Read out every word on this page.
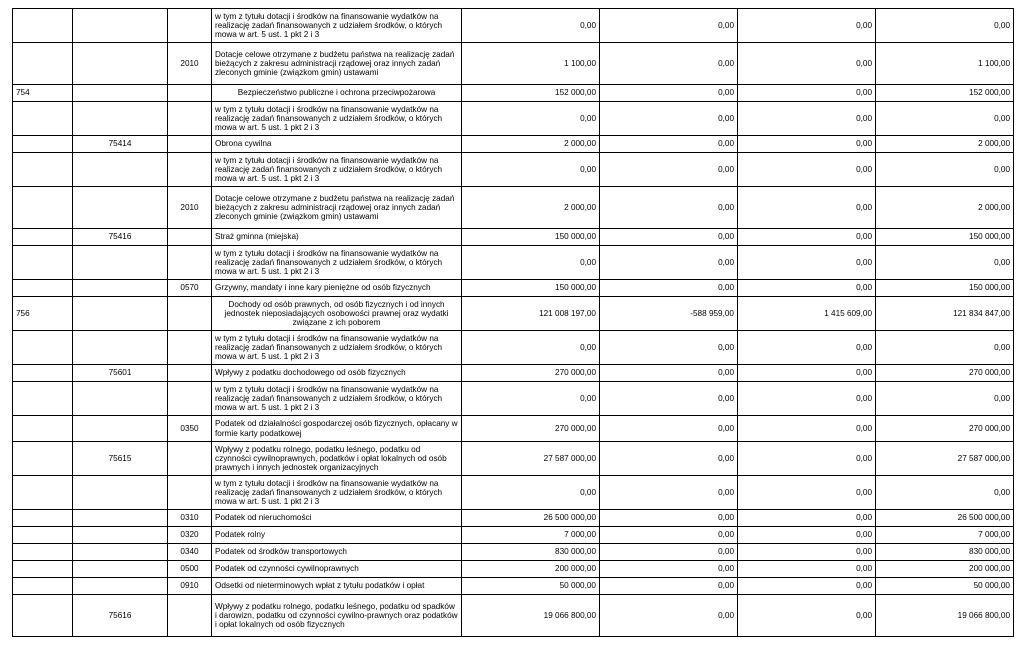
			w tym z tytułu dotacji i środków na finansowanie wydatków na realizację zadań finansowanych z udziałem środków, o których mowa w art. 5 ust. 1 pkt 2 i 3	0,00	0,00	0,00	0,00
		2010	Dotacje celowe otrzymane z budżetu państwa na realizację zadań bieżących z zakresu administracji rządowej oraz innych zadań zleconych gminie (związkom gmin) ustawami	1 100,00	0,00	0,00	1 100,00
754			Bezpieczeństwo publiczne i ochrona przeciwpożarowa	152 000,00	0,00	0,00	152 000,00
			w tym z tytułu dotacji i środków na finansowanie wydatków na realizację zadań finansowanych z udziałem środków, o których mowa w art. 5 ust. 1 pkt 2 i 3	0,00	0,00	0,00	0,00
	75414		Obrona cywilna	2 000,00	0,00	0,00	2 000,00
			w tym z tytułu dotacji i środków na finansowanie wydatków na realizację zadań finansowanych z udziałem środków, o których mowa w art. 5 ust. 1 pkt 2 i 3	0,00	0,00	0,00	0,00
		2010	Dotacje celowe otrzymane z budżetu państwa na realizację zadań bieżących z zakresu administracji rządowej oraz innych zadań zleconych gminie (związkom gmin) ustawami	2 000,00	0,00	0,00	2 000,00
	75416		Straż gminna (miejska)	150 000,00	0,00	0,00	150 000,00
			w tym z tytułu dotacji i środków na finansowanie wydatków na realizację zadań finansowanych z udziałem środków, o których mowa w art. 5 ust. 1 pkt 2 i 3	0,00	0,00	0,00	0,00
		0570	Grzywny, mandaty i inne kary pieniężne od osób fizycznych	150 000,00	0,00	0,00	150 000,00
756			Dochody od osób prawnych, od osób fizycznych i od innych jednostek nieposiadających osobowości prawnej oraz wydatki związane z ich poborem	121 008 197,00	-588 959,00	1 415 609,00	121 834 847,00
			w tym z tytułu dotacji i środków na finansowanie wydatków na realizację zadań finansowanych z udziałem środków, o których mowa w art. 5 ust. 1 pkt 2 i 3	0,00	0,00	0,00	0,00
	75601		Wpływy z podatku dochodowego od osób fizycznych	270 000,00	0,00	0,00	270 000,00
			w tym z tytułu dotacji i środków na finansowanie wydatków na realizację zadań finansowanych z udziałem środków, o których mowa w art. 5 ust. 1 pkt 2 i 3	0,00	0,00	0,00	0,00
		0350	Podatek od działalności gospodarczej osób fizycznych, opłacany w formie karty podatkowej	270 000,00	0,00	0,00	270 000,00
	75615		Wpływy z podatku rolnego, podatku leśnego, podatku od czynności cywilnoprawnych, podatków i opłat lokalnych od osób prawnych i innych jednostek organizacyjnych	27 587 000,00	0,00	0,00	27 587 000,00
			w tym z tytułu dotacji i środków na finansowanie wydatków na realizację zadań finansowanych z udziałem środków, o których mowa w art. 5 ust. 1 pkt 2 i 3	0,00	0,00	0,00	0,00
		0310	Podatek od nieruchomości	26 500 000,00	0,00	0,00	26 500 000,00
		0320	Podatek rolny	7 000,00	0,00	0,00	7 000,00
		0340	Podatek od środków transportowych	830 000,00	0,00	0,00	830 000,00
		0500	Podatek od czynności cywilnoprawnych	200 000,00	0,00	0,00	200 000,00
		0910	Odsetki od nieterminowych wpłat z tytułu podatków i opłat	50 000,00	0,00	0,00	50 000,00
	75616		Wpływy z podatku rolnego, podatku leśnego, podatku od spadków i darowizn, podatku od czynności cywilno-prawnych oraz podatków i opłat lokalnych od osób fizycznych	19 066 800,00	0,00	0,00	19 066 800,00
